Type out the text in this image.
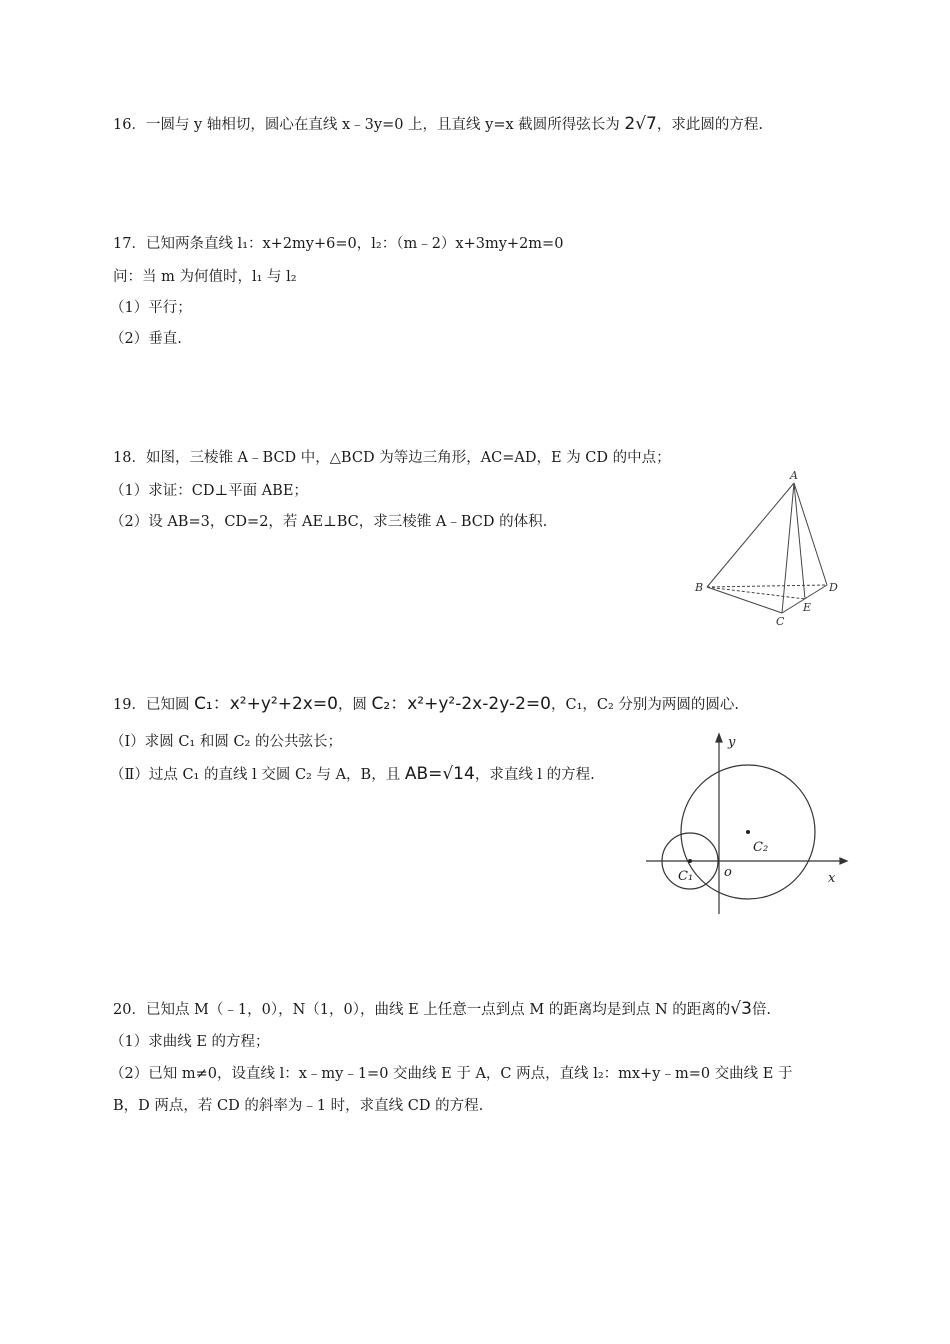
16．一圆与 y 轴相切，圆心在直线 x﹣3y=0 上，且直线 y=x 截圆所得弦长为 2√7，求此圆的方程.
17．已知两条直线 l₁：x+2my+6=0，l₂：（m﹣2）x+3my+2m=0
问：当 m 为何值时，l₁ 与 l₂
（1）平行；
（2）垂直.
18．如图，三棱锥 A﹣BCD 中，△BCD 为等边三角形，AC=AD，E 为 CD 的中点；
（1）求证：CD⊥平面 ABE；
（2）设 AB=3，CD=2，若 AE⊥BC，求三棱锥 A﹣BCD 的体积.
A
B
C
D
E
19．已知圆 C₁：x²+y²+2x=0，圆 C₂：x²+y²-2x-2y-2=0，C₁，C₂ 分别为两圆的圆心.
（Ⅰ）求圆 C₁ 和圆 C₂ 的公共弦长；
（Ⅱ）过点 C₁ 的直线 l 交圆 C₂ 与 A，B，且 AB=√14，求直线 l 的方程.
y
x
o
C₁
C₂
20．已知点 M（﹣1，0），N（1，0），曲线 E 上任意一点到点 M 的距离均是到点 N 的距离的√3倍.
（1）求曲线 E 的方程；
（2）已知 m≠0，设直线 l：x﹣my﹣1=0 交曲线 E 于 A，C 两点，直线 l₂：mx+y﹣m=0 交曲线 E 于
B，D 两点，若 CD 的斜率为﹣1 时，求直线 CD 的方程.
